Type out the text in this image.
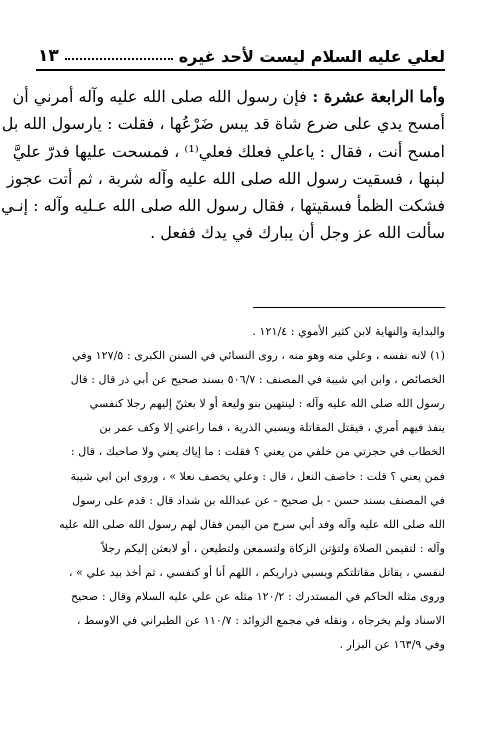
لعلي عليه السلام ليست لأحد غيره
١٣
وأما الرابعة عشرة : فإن رسول الله صلى الله عليه وآله أمرني أن
أمسح يدي على ضرع شاة قد يبس ضَرْعُها ، فقلت : يارسول الله بل
امسح أنت ، فقال : ياعلي فعلك فعلي⁽¹⁾ ، فمسحت عليها فدرّ عليَّ
لبنها ، فسقيت رسول الله صلى الله عليه وآله شربة ، ثم أتت عجوز
فشكت الظمأ فسقيتها ، فقال رسول الله صلى الله عـليه وآله : إنـي
سألت الله عز وجل أن يبارك في يدك ففعل .
والبداية والنهاية لابن كثير الأموي : ١٢١/٤ .
(١) لانه نفسه ، وعلي منه وهو منه ، روى النسائي في السنن الكبرى : ١٢٧/٥ وفي
الخصائص ، وابن ابي شيبة في المصنف : ٥٠٦/٧ بسند صحيح عن أبي ذر قال : قال
رسول الله صلى الله عليه وآله : لينتهين بنو وليعة أو لا بعثنّ إليهم رجلا كنفسي
ينفذ فيهم أمري ، فيقتل المقاتلة ويسبي الذرية ، فما راعني إلا وكف عمر بن
الخطاب في حجزتي من خلفي من يعني ؟ فقلت : ما إياك يعني ولا صاحبك ، قال :
فمن يعني ؟ قلت : خاصف النعل ، قال : وعلي يخصف نعلا » ، وروى ابن ابي شيبة
في المصنف بسند حسن - بل صحيح - عن عبدالله بن شداد قال : قدم على رسول
الله صلى الله عليه وآله وفد أبي سرح من اليمن فقال لهم رسول الله صلى الله عليه
وآله : لتقيمن الصلاة ولتؤتن الزكاة ولتسمعن ولتطيعن ، أو لابعثن إليكم رجلاً
لنفسي ، يقاتل مقاتلتكم ويسبي ذراريكم ، اللهم أنا أو كنفسي ، ثم أخذ بيد علي » ،
وروى مثله الحاكم في المستدرك : ١٢٠/٢ مثله عن علي عليه السلام وقال : صحيح
الاسناد ولم يخرجاه ، ونقله في مجمع الزوائد : ١١٠/٧ عن الطبراني في الاوسط ،
وفي ١٦٣/٩ عن البزار .
